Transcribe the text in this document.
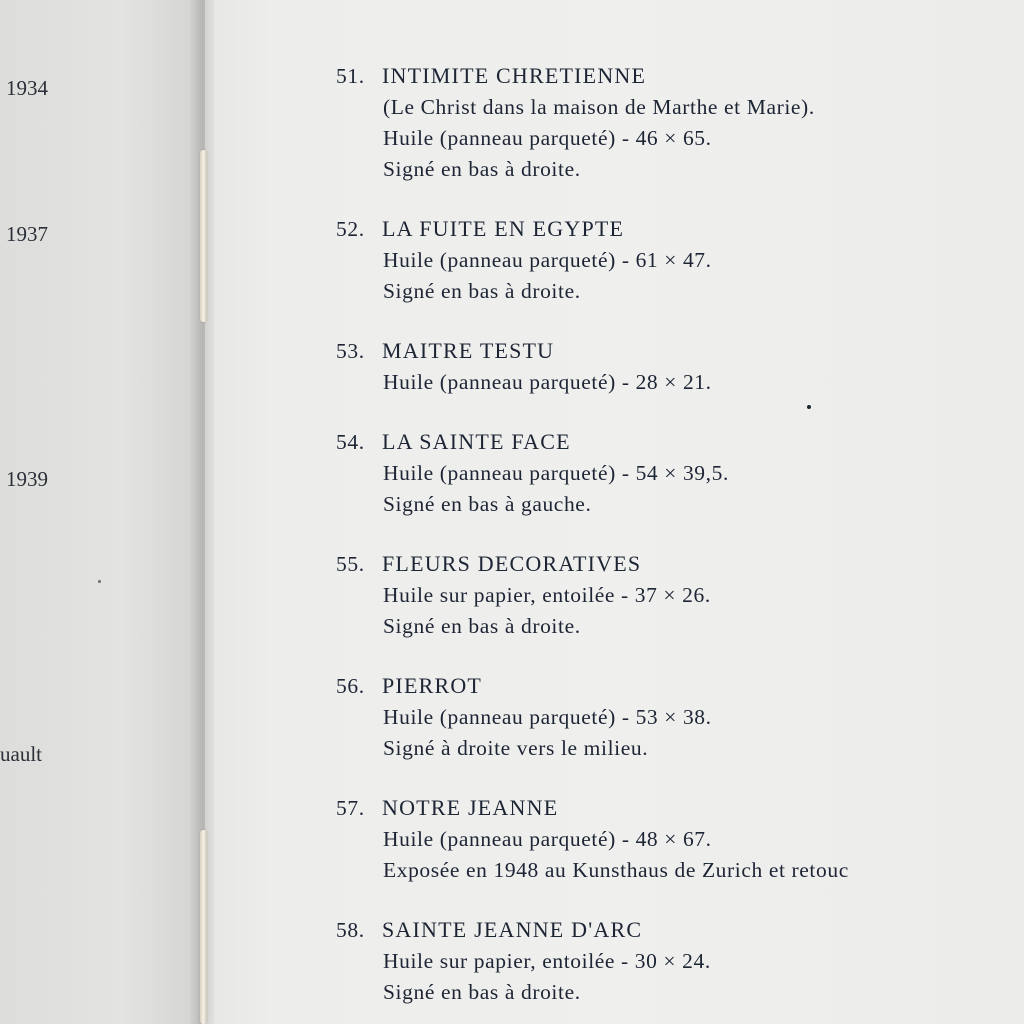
1934
1937
1939
uault
51. INTIMITE CHRETIENNE
(Le Christ dans la maison de Marthe et Marie).
Huile (panneau parqueté) - 46 × 65.
Signé en bas à droite.
52. LA FUITE EN EGYPTE
Huile (panneau parqueté) - 61 × 47.
Signé en bas à droite.
53. MAITRE TESTU
Huile (panneau parqueté) - 28 × 21.
54. LA SAINTE FACE
Huile (panneau parqueté) - 54 × 39,5.
Signé en bas à gauche.
55. FLEURS DECORATIVES
Huile sur papier, entoilée - 37 × 26.
Signé en bas à droite.
56. PIERROT
Huile (panneau parqueté) - 53 × 38.
Signé à droite vers le milieu.
57. NOTRE JEANNE
Huile (panneau parqueté) - 48 × 67.
Exposée en 1948 au Kunsthaus de Zurich et retouc
58. SAINTE JEANNE D'ARC
Huile sur papier, entoilée - 30 × 24.
Signé en bas à droite.
